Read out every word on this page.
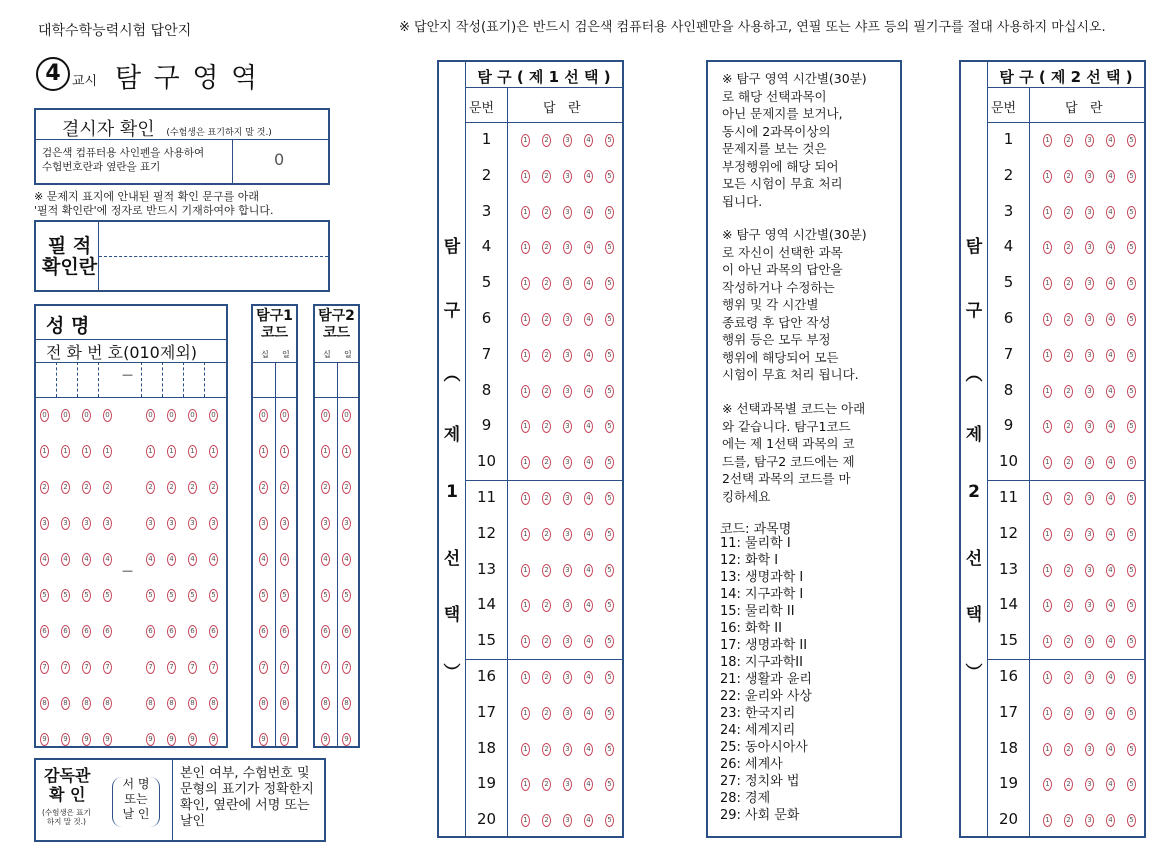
대학수학능력시험 답안지	※ 답안지 작성(표기)은 반드시 검은색 컴퓨터용 사인펜만을 사용하고, 연필 또는 샤프 등의 필기구를 절대 사용하지 마십시오.
4 교시 탐 구 영 역
결시자 확인 (수험생은 표기하지 말 것.)
검은색 컴퓨터용 사인펜을 사용하여
수험번호란과 옆란을 표기	0
※ 문제지 표지에 안내된 필적 확인 문구를 아래
'필적 확인란'에 정자로 반드시 기재하여야 합니다.
필 적
확인란
성 명
전 화 번 호(010제외)
—
—
0	0	0	0	0	0	0	0
1	1	1	1	1	1	1	1
2	2	2	2	2	2	2	2
3	3	3	3	3	3	3	3
4	4	4	4	4	4	4	4
5	5	5	5	5	5	5	5
6	6	6	6	6	6	6	6
7	7	7	7	7	7	7	7
8	8	8	8	8	8	8	8
9	9	9	9	9	9	9	9
탐구1
코드
십 일
0	0
1	1
2	2
3	3
4	4
5	5
6	6
7	7
8	8
9	9
탐구2
코드
십 일
0	0
1	1
2	2
3	3
4	4
5	5
6	6
7	7
8	8
9	9
감독관
확 인
(수험생은 표기
하지 말 것.)
서 명
또는
날 인
본인 여부, 수험번호 및
문형의 표기가 정확한지
확인, 옆란에 서명 또는
날인
탐 구 ( 제 1 선 택 )
문번	답   란
1	1	2	3	4	5
2	1	2	3	4	5
3	1	2	3	4	5
4	1	2	3	4	5
5	1	2	3	4	5
6	1	2	3	4	5
7	1	2	3	4	5
8	1	2	3	4	5
9	1	2	3	4	5
10	1	2	3	4	5
11	1	2	3	4	5
12	1	2	3	4	5
13	1	2	3	4	5
14	1	2	3	4	5
15	1	2	3	4	5
16	1	2	3	4	5
17	1	2	3	4	5
18	1	2	3	4	5
19	1	2	3	4	5
20	1	2	3	4	5
탐
구
︵
제
1
선
택
︶
탐 구 ( 제 2 선 택 )
문번	답   란
1	1	2	3	4	5
2	1	2	3	4	5
3	1	2	3	4	5
4	1	2	3	4	5
5	1	2	3	4	5
6	1	2	3	4	5
7	1	2	3	4	5
8	1	2	3	4	5
9	1	2	3	4	5
10	1	2	3	4	5
11	1	2	3	4	5
12	1	2	3	4	5
13	1	2	3	4	5
14	1	2	3	4	5
15	1	2	3	4	5
16	1	2	3	4	5
17	1	2	3	4	5
18	1	2	3	4	5
19	1	2	3	4	5
20	1	2	3	4	5
탐
구
︵
제
2
선
택
︶
※ 탐구 영역 시간별(30분)
로 해당 선택과목이
아닌 문제지를 보거나,
동시에 2과목이상의
문제지를 보는 것은
부정행위에 해당 되어
모든 시험이 무효 처리
됩니다.
※ 탐구 영역 시간별(30분)
로 자신이 선택한 과목
이 아닌 과목의 답안을
작성하거나 수정하는
행위 및 각 시간별
종료령 후 답안 작성
행위 등은 모두 부정
행위에 해당되어 모든
시험이 무효 처리 됩니다.
※ 선택과목별 코드는 아래
와 같습니다. 탐구1코드
에는 제 1선택 과목의 코
드를, 탐구2 코드에는 제
2선택 과목의 코드를 마
킹하세요
코드: 과목명
11: 물리학 I
12: 화학 I
13: 생명과학 I
14: 지구과학 I
15: 물리학 II
16: 화학 II
17: 생명과학 II
18: 지구과학II
21: 생활과 윤리
22: 윤리와 사상
23: 한국지리
24: 세계지리
25: 동아시아사
26: 세계사
27: 정치와 법
28: 경제
29: 사회 문화
